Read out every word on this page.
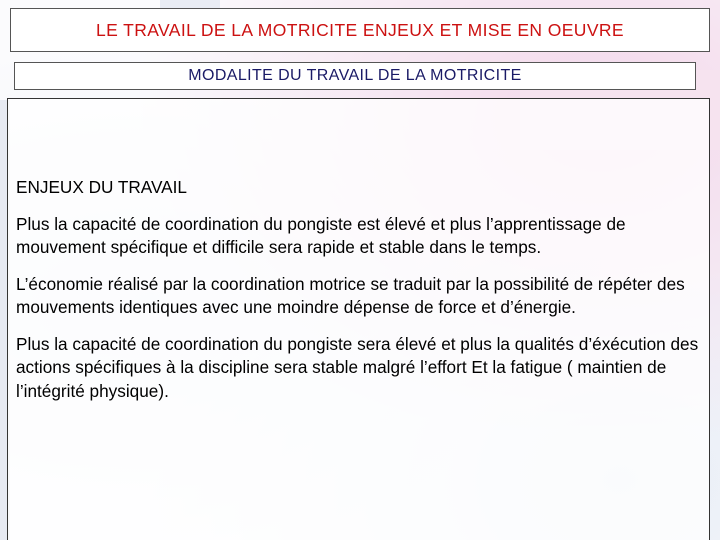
LE TRAVAIL DE LA MOTRICITE ENJEUX ET MISE EN OEUVRE
MODALITE DU TRAVAIL DE LA MOTRICITE

ENJEUX DU TRAVAIL

Plus la capacité de coordination du pongiste est élevé et plus l’apprentissage de mouvement spécifique et difficile sera rapide et stable dans le temps.

L’économie réalisé par la coordination motrice se traduit par la possibilité de répéter des mouvements identiques avec une moindre dépense de force et d’énergie.

Plus la capacité de coordination du pongiste sera élevé et plus la qualités d’éxécution des actions spécifiques à la discipline sera stable malgré l’effort Et la fatigue ( maintien de l’intégrité physique).
